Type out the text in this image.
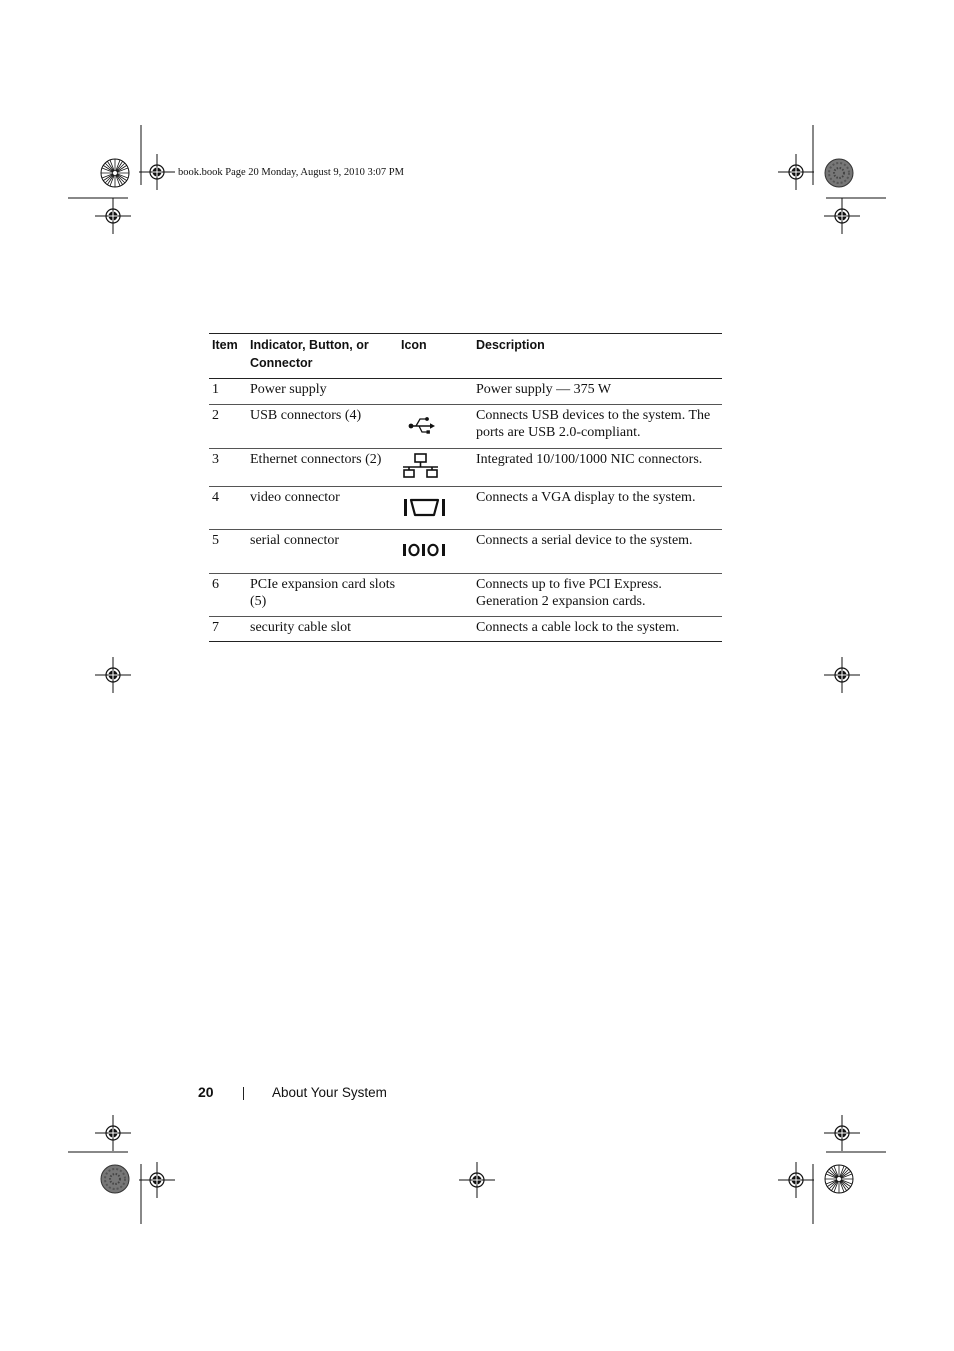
book.book Page 20 Monday, August 9, 2010 3:07 PM
Item	Indicator, Button, or Connector	Icon	Description
1	Power supply		Power supply — 375 W
2	USB connectors (4)		Connects USB devices to the system. The ports are USB 2.0-compliant.
3	Ethernet connectors (2)		Integrated 10/100/1000 NIC connectors.
4	video connector		Connects a VGA display to the system.
5	serial connector		Connects a serial device to the system.
6	PCIe expansion card slots (5)		Connects up to five PCI Express. Generation 2 expansion cards.
7	security cable slot		Connects a cable lock to the system.
20	About Your System
